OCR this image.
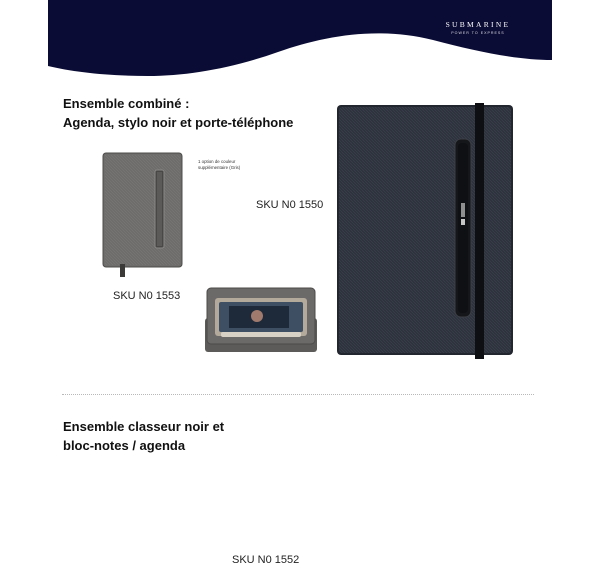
SUBMARINE
POWER TO EXPRESS
Ensemble combiné :
Agenda, stylo noir et porte-téléphone
1 option de couleur
supplémentaire (Gris)
SKU N0 1550
SKU N0 1553
Ensemble classeur noir et
bloc-notes / agenda
SKU N0 1552
